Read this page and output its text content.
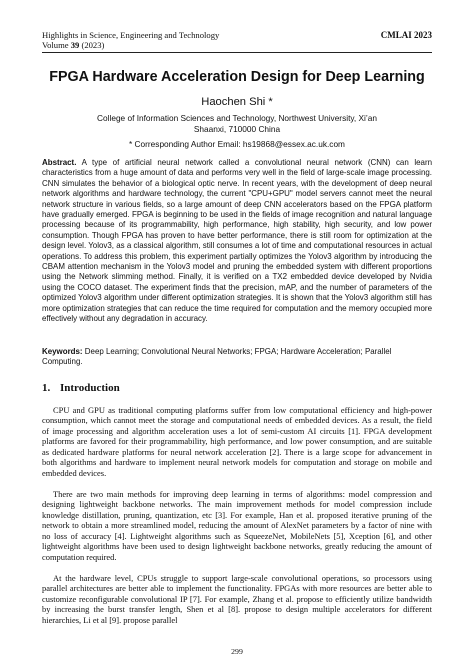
Highlights in Science, Engineering and Technology
Volume 39 (2023)
CMLAI 2023
FPGA Hardware Acceleration Design for Deep Learning
Haochen Shi *
College of Information Sciences and Technology, Northwest University, Xi’an Shaanxi, 710000 China
* Corresponding Author Email: hs19868@essex.ac.uk.com

Abstract. A type of artificial neural network called a convolutional neural network (CNN) can learn characteristics from a huge amount of data and performs very well in the field of large-scale image processing. CNN simulates the behavior of a biological optic nerve. In recent years, with the development of deep neural network algorithms and hardware technology, the current "CPU+GPU" model servers cannot meet the neural network structure in various fields, so a large amount of deep CNN accelerators based on the FPGA platform have gradually emerged. FPGA is beginning to be used in the fields of image recognition and natural language processing because of its programmability, high performance, high stability, high security, and low power consumption. Though FPGA has proven to have better performance, there is still room for optimization at the design level. Yolov3, as a classical algorithm, still consumes a lot of time and computational resources in actual operations. To address this problem, this experiment partially optimizes the Yolov3 algorithm by introducing the CBAM attention mechanism in the Yolov3 model and pruning the embedded system with different proportions using the Network slimming method. Finally, it is verified on a TX2 embedded device developed by Nvidia using the COCO dataset. The experiment finds that the precision, mAP, and the number of parameters of the optimized Yolov3 algorithm under different optimization strategies. It is shown that the Yolov3 algorithm still has more optimization strategies that can reduce the time required for computation and the memory occupied more effectively without any degradation in accuracy.

Keywords: Deep Learning; Convolutional Neural Networks; FPGA; Hardware Acceleration; Parallel Computing.

1. Introduction

CPU and GPU as traditional computing platforms suffer from low computational efficiency and high-power consumption, which cannot meet the storage and computational needs of embedded devices. As a result, the field of image processing and algorithm acceleration uses a lot of semi-custom AI circuits [1]. FPGA development platforms are favored for their programmability, high performance, and low power consumption, and are suitable as dedicated hardware platforms for neural network acceleration [2]. There is a large scope for advancement in both algorithms and hardware to implement neural network models for computation and storage on mobile and embedded devices.

There are two main methods for improving deep learning in terms of algorithms: model compression and designing lightweight backbone networks. The main improvement methods for model compression include knowledge distillation, pruning, quantization, etc [3]. For example, Han et al. proposed iterative pruning of the network to obtain a more streamlined model, reducing the amount of AlexNet parameters by a factor of nine with no loss of accuracy [4]. Lightweight algorithms such as SqueezeNet, MobileNets [5], Xception [6], and other lightweight algorithms have been used to design lightweight backbone networks, greatly reducing the amount of computation required.

At the hardware level, CPUs struggle to support large-scale convolutional operations, so processors using parallel architectures are better able to implement the functionality. FPGAs with more resources are better able to customize reconfigurable convolutional IP [7]. For example, Zhang et al. propose to efficiently utilize bandwidth by increasing the burst transfer length, Shen et al [8]. propose to design multiple accelerators for different hierarchies, Li et al [9]. propose parallel

299
